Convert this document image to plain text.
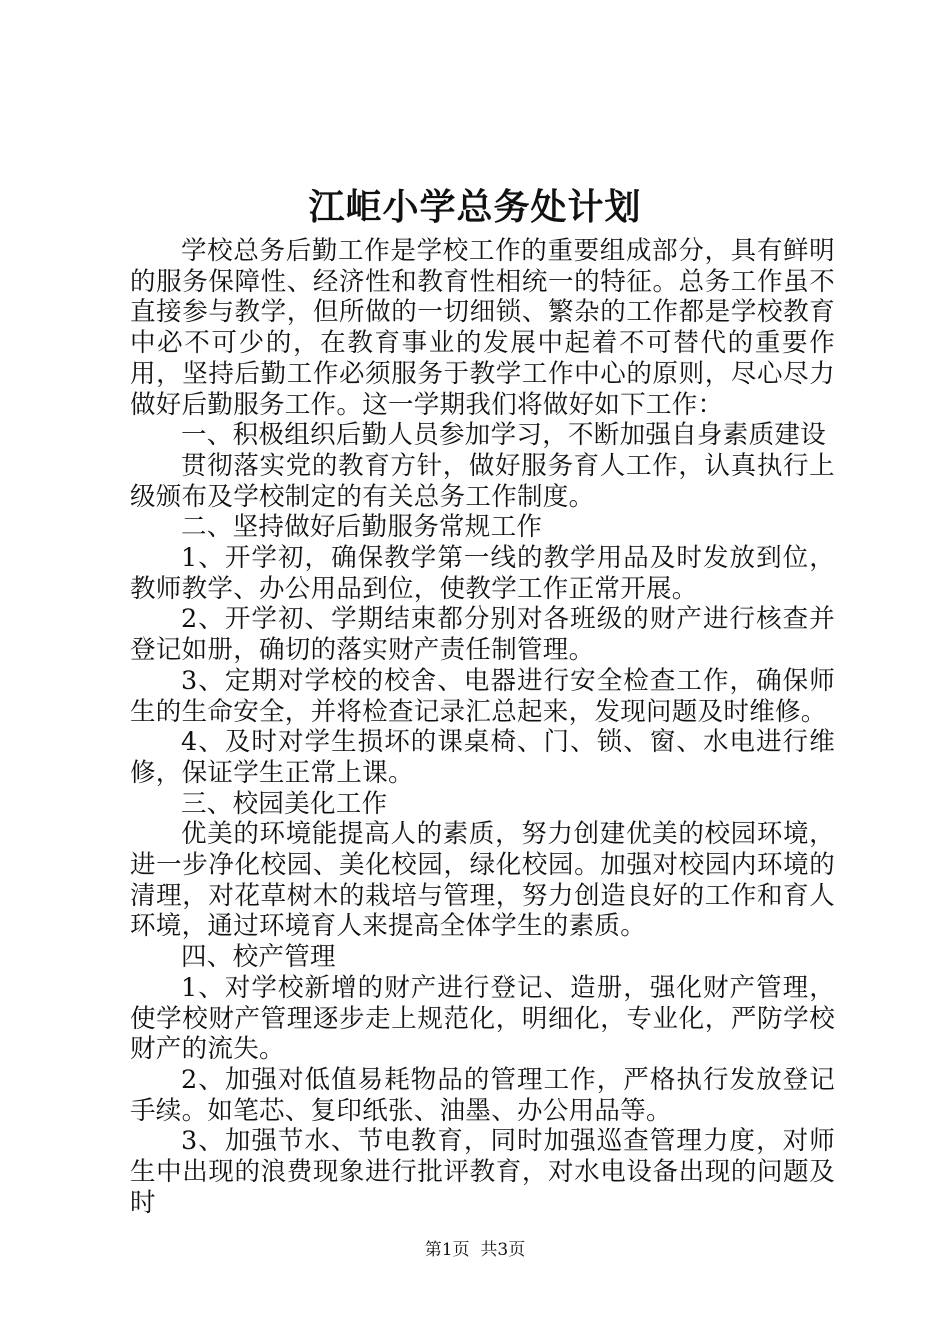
江岠小学总务处计划

学校总务后勤工作是学校工作的重要组成部分，具有鲜明的服务保障性、经济性和教育性相统一的特征。总务工作虽不直接参与教学，但所做的一切细锁、繁杂的工作都是学校教育中必不可少的，在教育事业的发展中起着不可替代的重要作用，坚持后勤工作必须服务于教学工作中心的原则，尽心尽力做好后勤服务工作。这一学期我们将做好如下工作：

一、积极组织后勤人员参加学习，不断加强自身素质建设

贯彻落实党的教育方针，做好服务育人工作，认真执行上级颁布及学校制定的有关总务工作制度。

二、坚持做好后勤服务常规工作

1、开学初，确保教学第一线的教学用品及时发放到位，教师教学、办公用品到位，使教学工作正常开展。

2、开学初、学期结束都分别对各班级的财产进行核查并登记如册，确切的落实财产责任制管理。

3、定期对学校的校舍、电器进行安全检查工作，确保师生的生命安全，并将检查记录汇总起来，发现问题及时维修。

4、及时对学生损坏的课桌椅、门、锁、窗、水电进行维修，保证学生正常上课。

三、校园美化工作

优美的环境能提高人的素质，努力创建优美的校园环境，进一步净化校园、美化校园，绿化校园。加强对校园内环境的清理，对花草树木的栽培与管理，努力创造良好的工作和育人环境，通过环境育人来提高全体学生的素质。

四、校产管理

1、对学校新增的财产进行登记、造册，强化财产管理，使学校财产管理逐步走上规范化，明细化，专业化，严防学校财产的流失。

2、加强对低值易耗物品的管理工作，严格执行发放登记手续。如笔芯、复印纸张、油墨、办公用品等。

3、加强节水、节电教育，同时加强巡查管理力度，对师生中出现的浪费现象进行批评教育，对水电设备出现的问题及时

第1页  共3页
